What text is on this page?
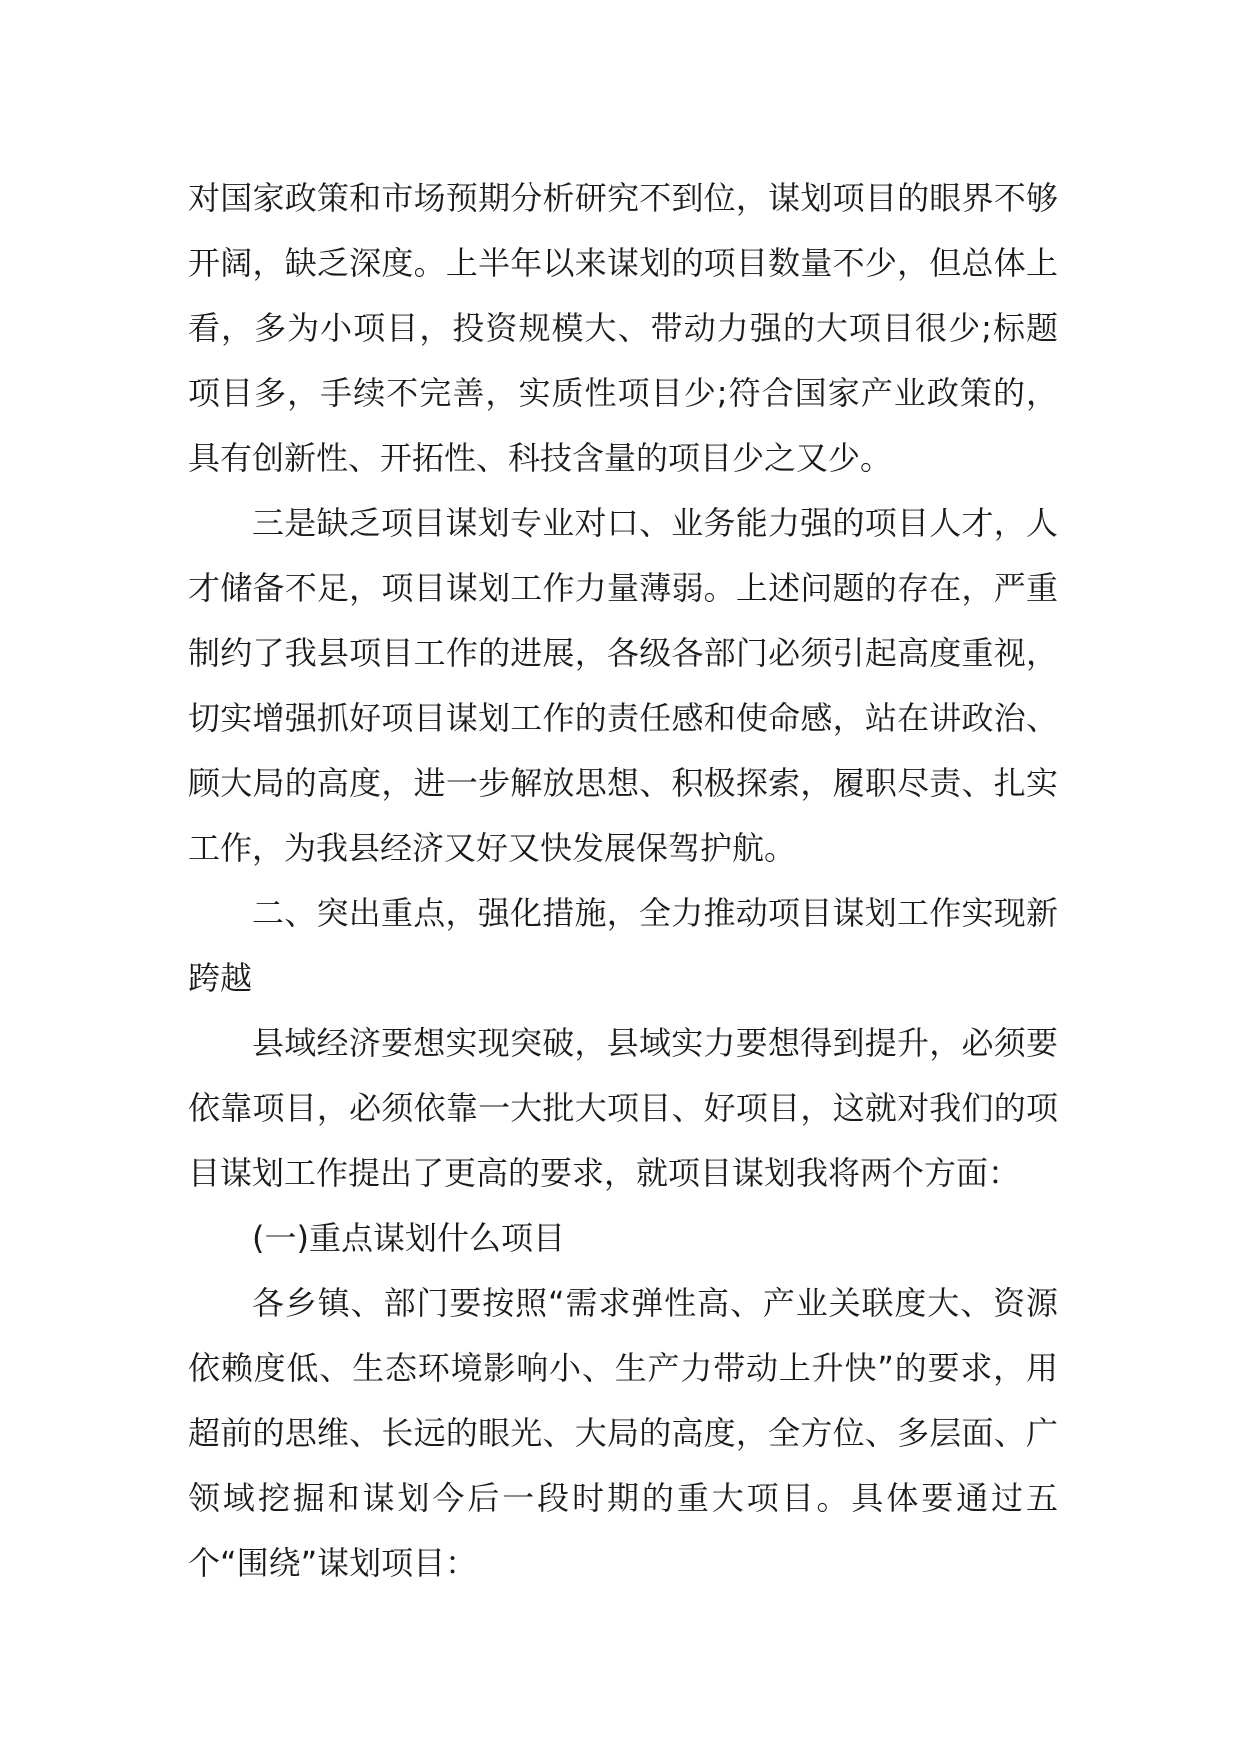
对国家政策和市场预期分析研究不到位，谋划项目的眼界不够开阔，缺乏深度。上半年以来谋划的项目数量不少，但总体上看，多为小项目，投资规模大、带动力强的大项目很少;标题项目多，手续不完善，实质性项目少;符合国家产业政策的，具有创新性、开拓性、科技含量的项目少之又少。

三是缺乏项目谋划专业对口、业务能力强的项目人才，人才储备不足，项目谋划工作力量薄弱。上述问题的存在，严重制约了我县项目工作的进展，各级各部门必须引起高度重视，切实增强抓好项目谋划工作的责任感和使命感，站在讲政治、顾大局的高度，进一步解放思想、积极探索，履职尽责、扎实工作，为我县经济又好又快发展保驾护航。

二、突出重点，强化措施，全力推动项目谋划工作实现新跨越

县域经济要想实现突破，县域实力要想得到提升，必须要依靠项目，必须依靠一大批大项目、好项目，这就对我们的项目谋划工作提出了更高的要求，就项目谋划我将两个方面：

(一)重点谋划什么项目

各乡镇、部门要按照“需求弹性高、产业关联度大、资源依赖度低、生态环境影响小、生产力带动上升快”的要求，用超前的思维、长远的眼光、大局的高度，全方位、多层面、广领域挖掘和谋划今后一段时期的重大项目。具体要通过五个“围绕”谋划项目：
